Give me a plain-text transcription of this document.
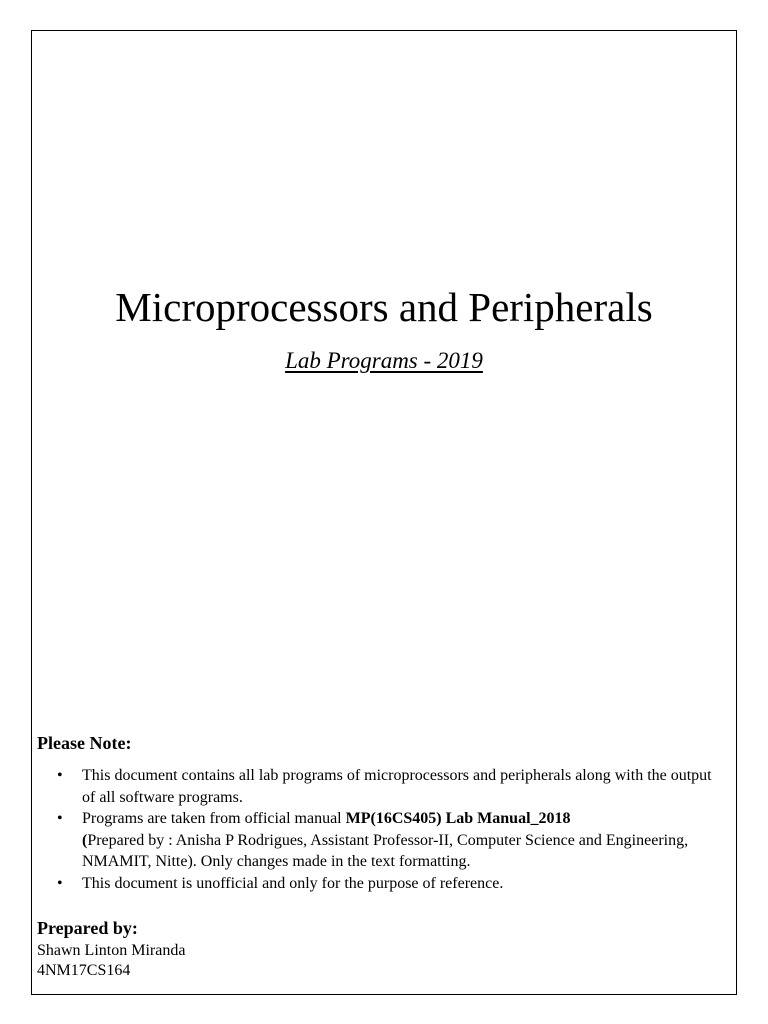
Microprocessors and Peripherals
Lab Programs - 2019
Please Note:
• This document contains all lab programs of microprocessors and peripherals along with the output of all software programs.
• Programs are taken from official manual MP(16CS405) Lab Manual_2018
(Prepared by : Anisha P Rodrigues, Assistant Professor-II, Computer Science and Engineering, NMAMIT, Nitte). Only changes made in the text formatting.
• This document is unofficial and only for the purpose of reference.
Prepared by:
Shawn Linton Miranda
4NM17CS164
